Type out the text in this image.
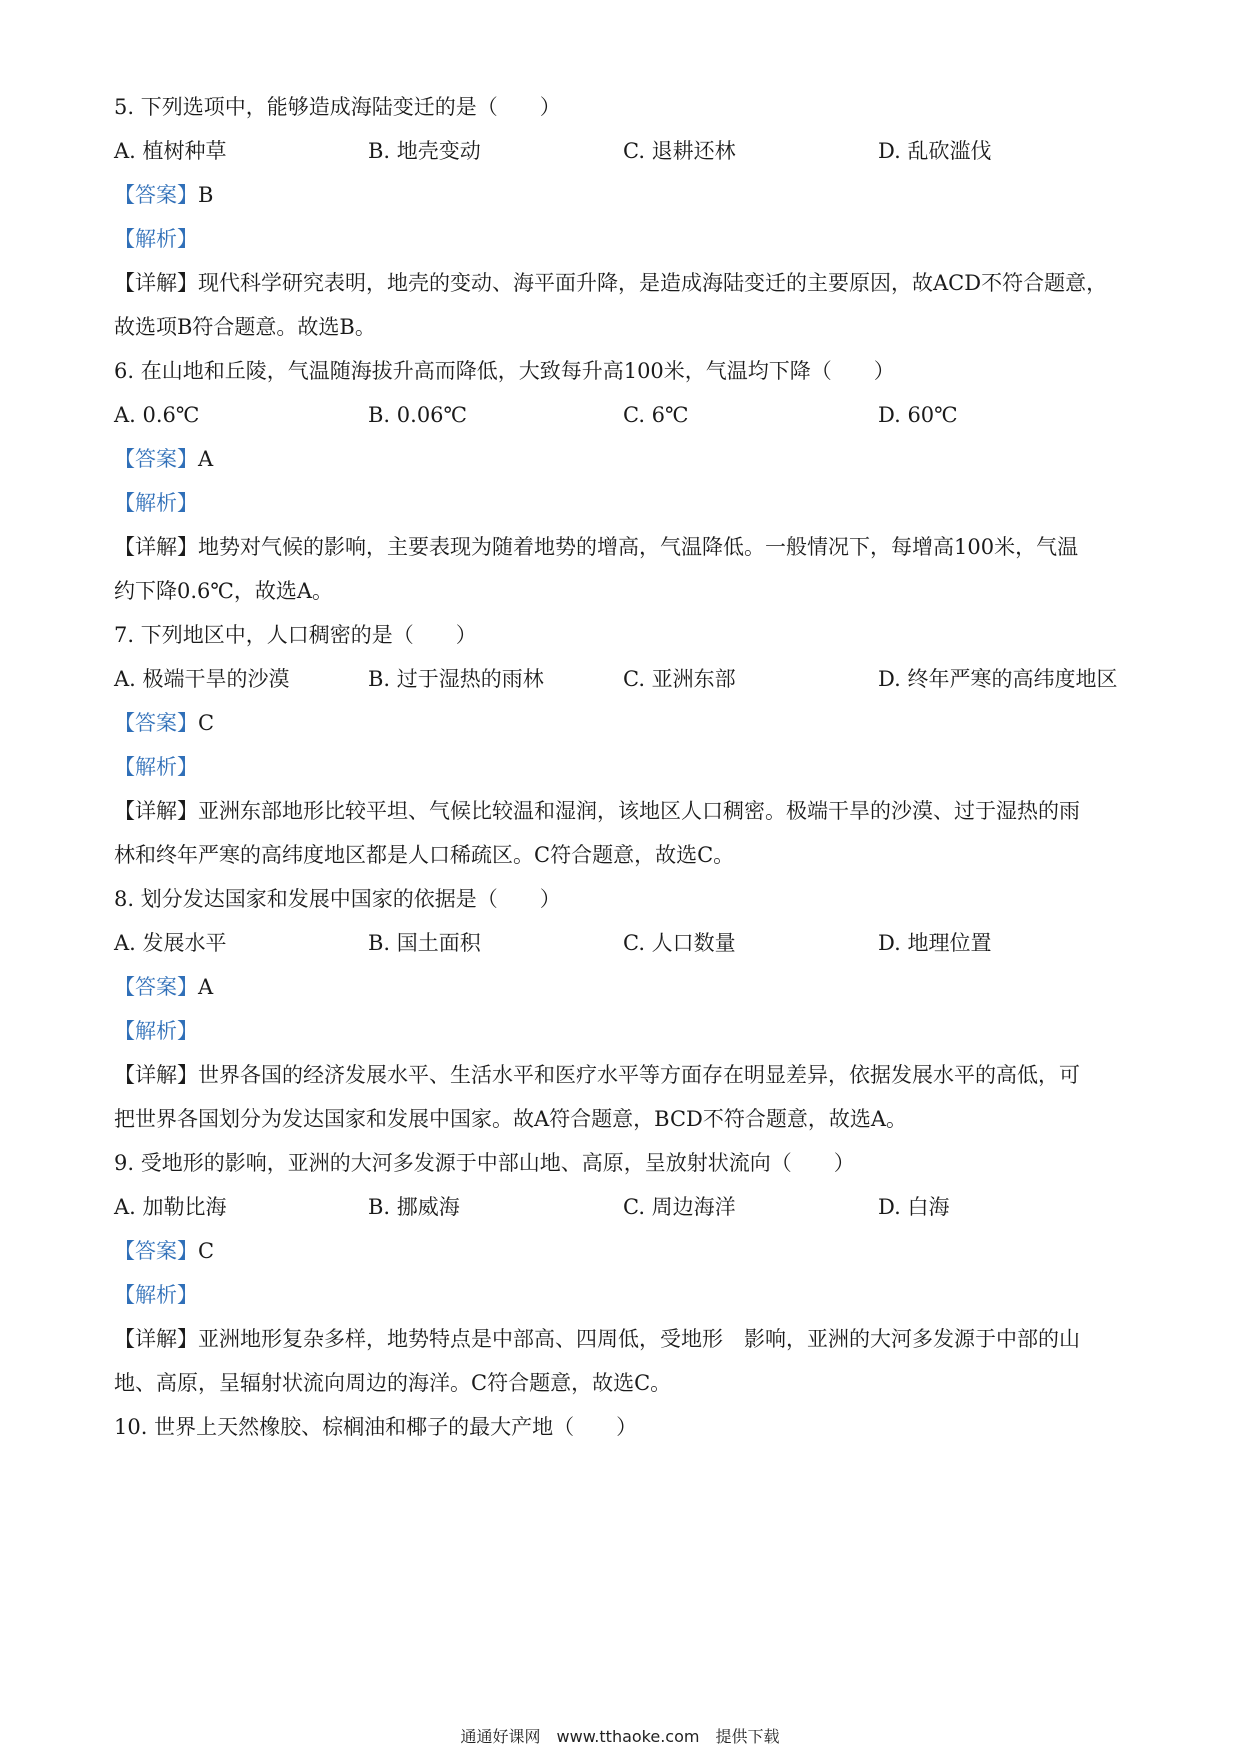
5. 下列选项中，能够造成海陆变迁的是（　　）
A. 植树种草	B. 地壳变动	C. 退耕还林	D. 乱砍滥伐
【答案】B
【解析】
【详解】现代科学研究表明，地壳的变动、海平面升降，是造成海陆变迁的主要原因，故ACD不符合题意，
故选项B符合题意。故选B。
6. 在山地和丘陵，气温随海拔升高而降低，大致每升高100米，气温均下降（　　）
A. 0.6℃	B. 0.06℃	C. 6℃	D. 60℃
【答案】A
【解析】
【详解】地势对气候的影响，主要表现为随着地势的增高，气温降低。一般情况下，每增高100米，气温
约下降0.6℃，故选A。
7. 下列地区中，人口稠密的是（　　）
A. 极端干旱的沙漠	B. 过于湿热的雨林	C. 亚洲东部	D. 终年严寒的高纬度地区
【答案】C
【解析】
【详解】亚洲东部地形比较平坦、气候比较温和湿润，该地区人口稠密。极端干旱的沙漠、过于湿热的雨
林和终年严寒的高纬度地区都是人口稀疏区。C符合题意，故选C。
8. 划分发达国家和发展中国家的依据是（　　）
A. 发展水平	B. 国土面积	C. 人口数量	D. 地理位置
【答案】A
【解析】
【详解】世界各国的经济发展水平、生活水平和医疗水平等方面存在明显差异，依据发展水平的高低，可
把世界各国划分为发达国家和发展中国家。故A符合题意，BCD不符合题意，故选A。
9. 受地形的影响，亚洲的大河多发源于中部山地、高原，呈放射状流向（　　）
A. 加勒比海	B. 挪威海	C. 周边海洋	D. 白海
【答案】C
【解析】
【详解】亚洲地形复杂多样，地势特点是中部高、四周低，受地形　影响，亚洲的大河多发源于中部的山
地、高原，呈辐射状流向周边的海洋。C符合题意，故选C。
10. 世界上天然橡胶、棕榈油和椰子的最大产地（　　）
通通好课网　www.tthaoke.com　提供下载
